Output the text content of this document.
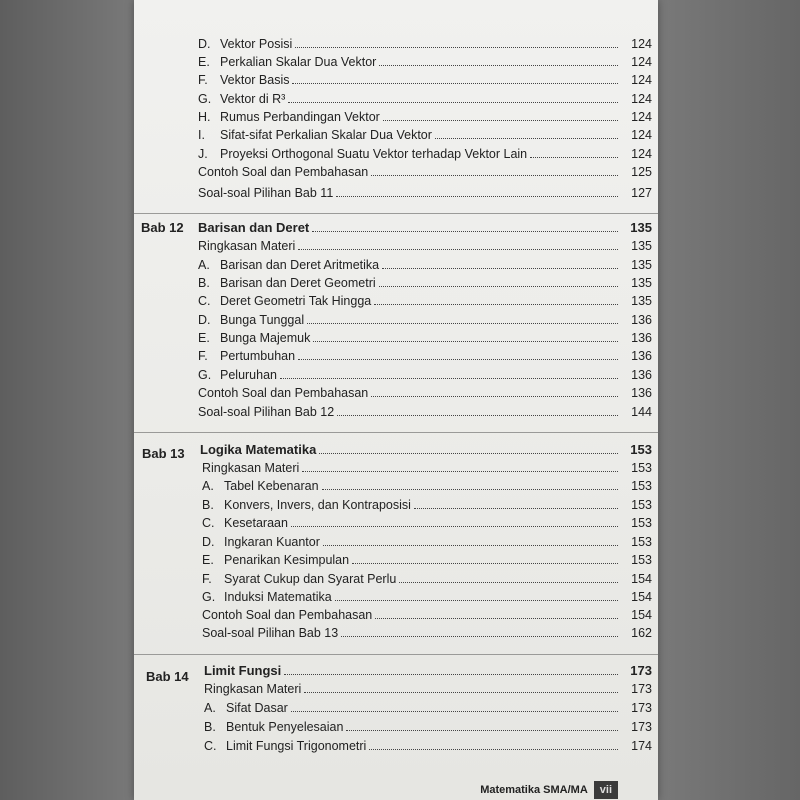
D. Vektor Posisi	124
E. Perkalian Skalar Dua Vektor	124
F. Vektor Basis	124
G. Vektor di R³	124
H. Rumus Perbandingan Vektor	124
I.	Sifat-sifat Perkalian Skalar Dua Vektor	124
J. Proyeksi Orthogonal Suatu Vektor terhadap Vektor Lain	124
Contoh Soal dan Pembahasan	125
Soal-soal Pilihan Bab 11	127
Bab 12 Barisan dan Deret	135
Ringkasan Materi	135
A. Barisan dan Deret Aritmetika	135
B. Barisan dan Deret Geometri	135
C. Deret Geometri Tak Hingga	135
D. Bunga Tunggal	136
E. Bunga Majemuk	136
F. Pertumbuhan	136
G. Peluruhan	136
Contoh Soal dan Pembahasan	136
Soal-soal Pilihan Bab 12	144
Bab 13 Logika Matematika	153
Ringkasan Materi	153
A. Tabel Kebenaran	153
B. Konvers, Invers, dan Kontraposisi	153
C. Kesetaraan	153
D. Ingkaran Kuantor	153
E. Penarikan Kesimpulan	153
F. Syarat Cukup dan Syarat Perlu	154
G. Induksi Matematika	154
Contoh Soal dan Pembahasan	154
Soal-soal Pilihan Bab 13	162
Bab 14 Limit Fungsi	173
Ringkasan Materi	173
A. Sifat Dasar	173
B. Bentuk Penyelesaian	173
C. Limit Fungsi Trigonometri	174
Matematika SMA/MA	vii
